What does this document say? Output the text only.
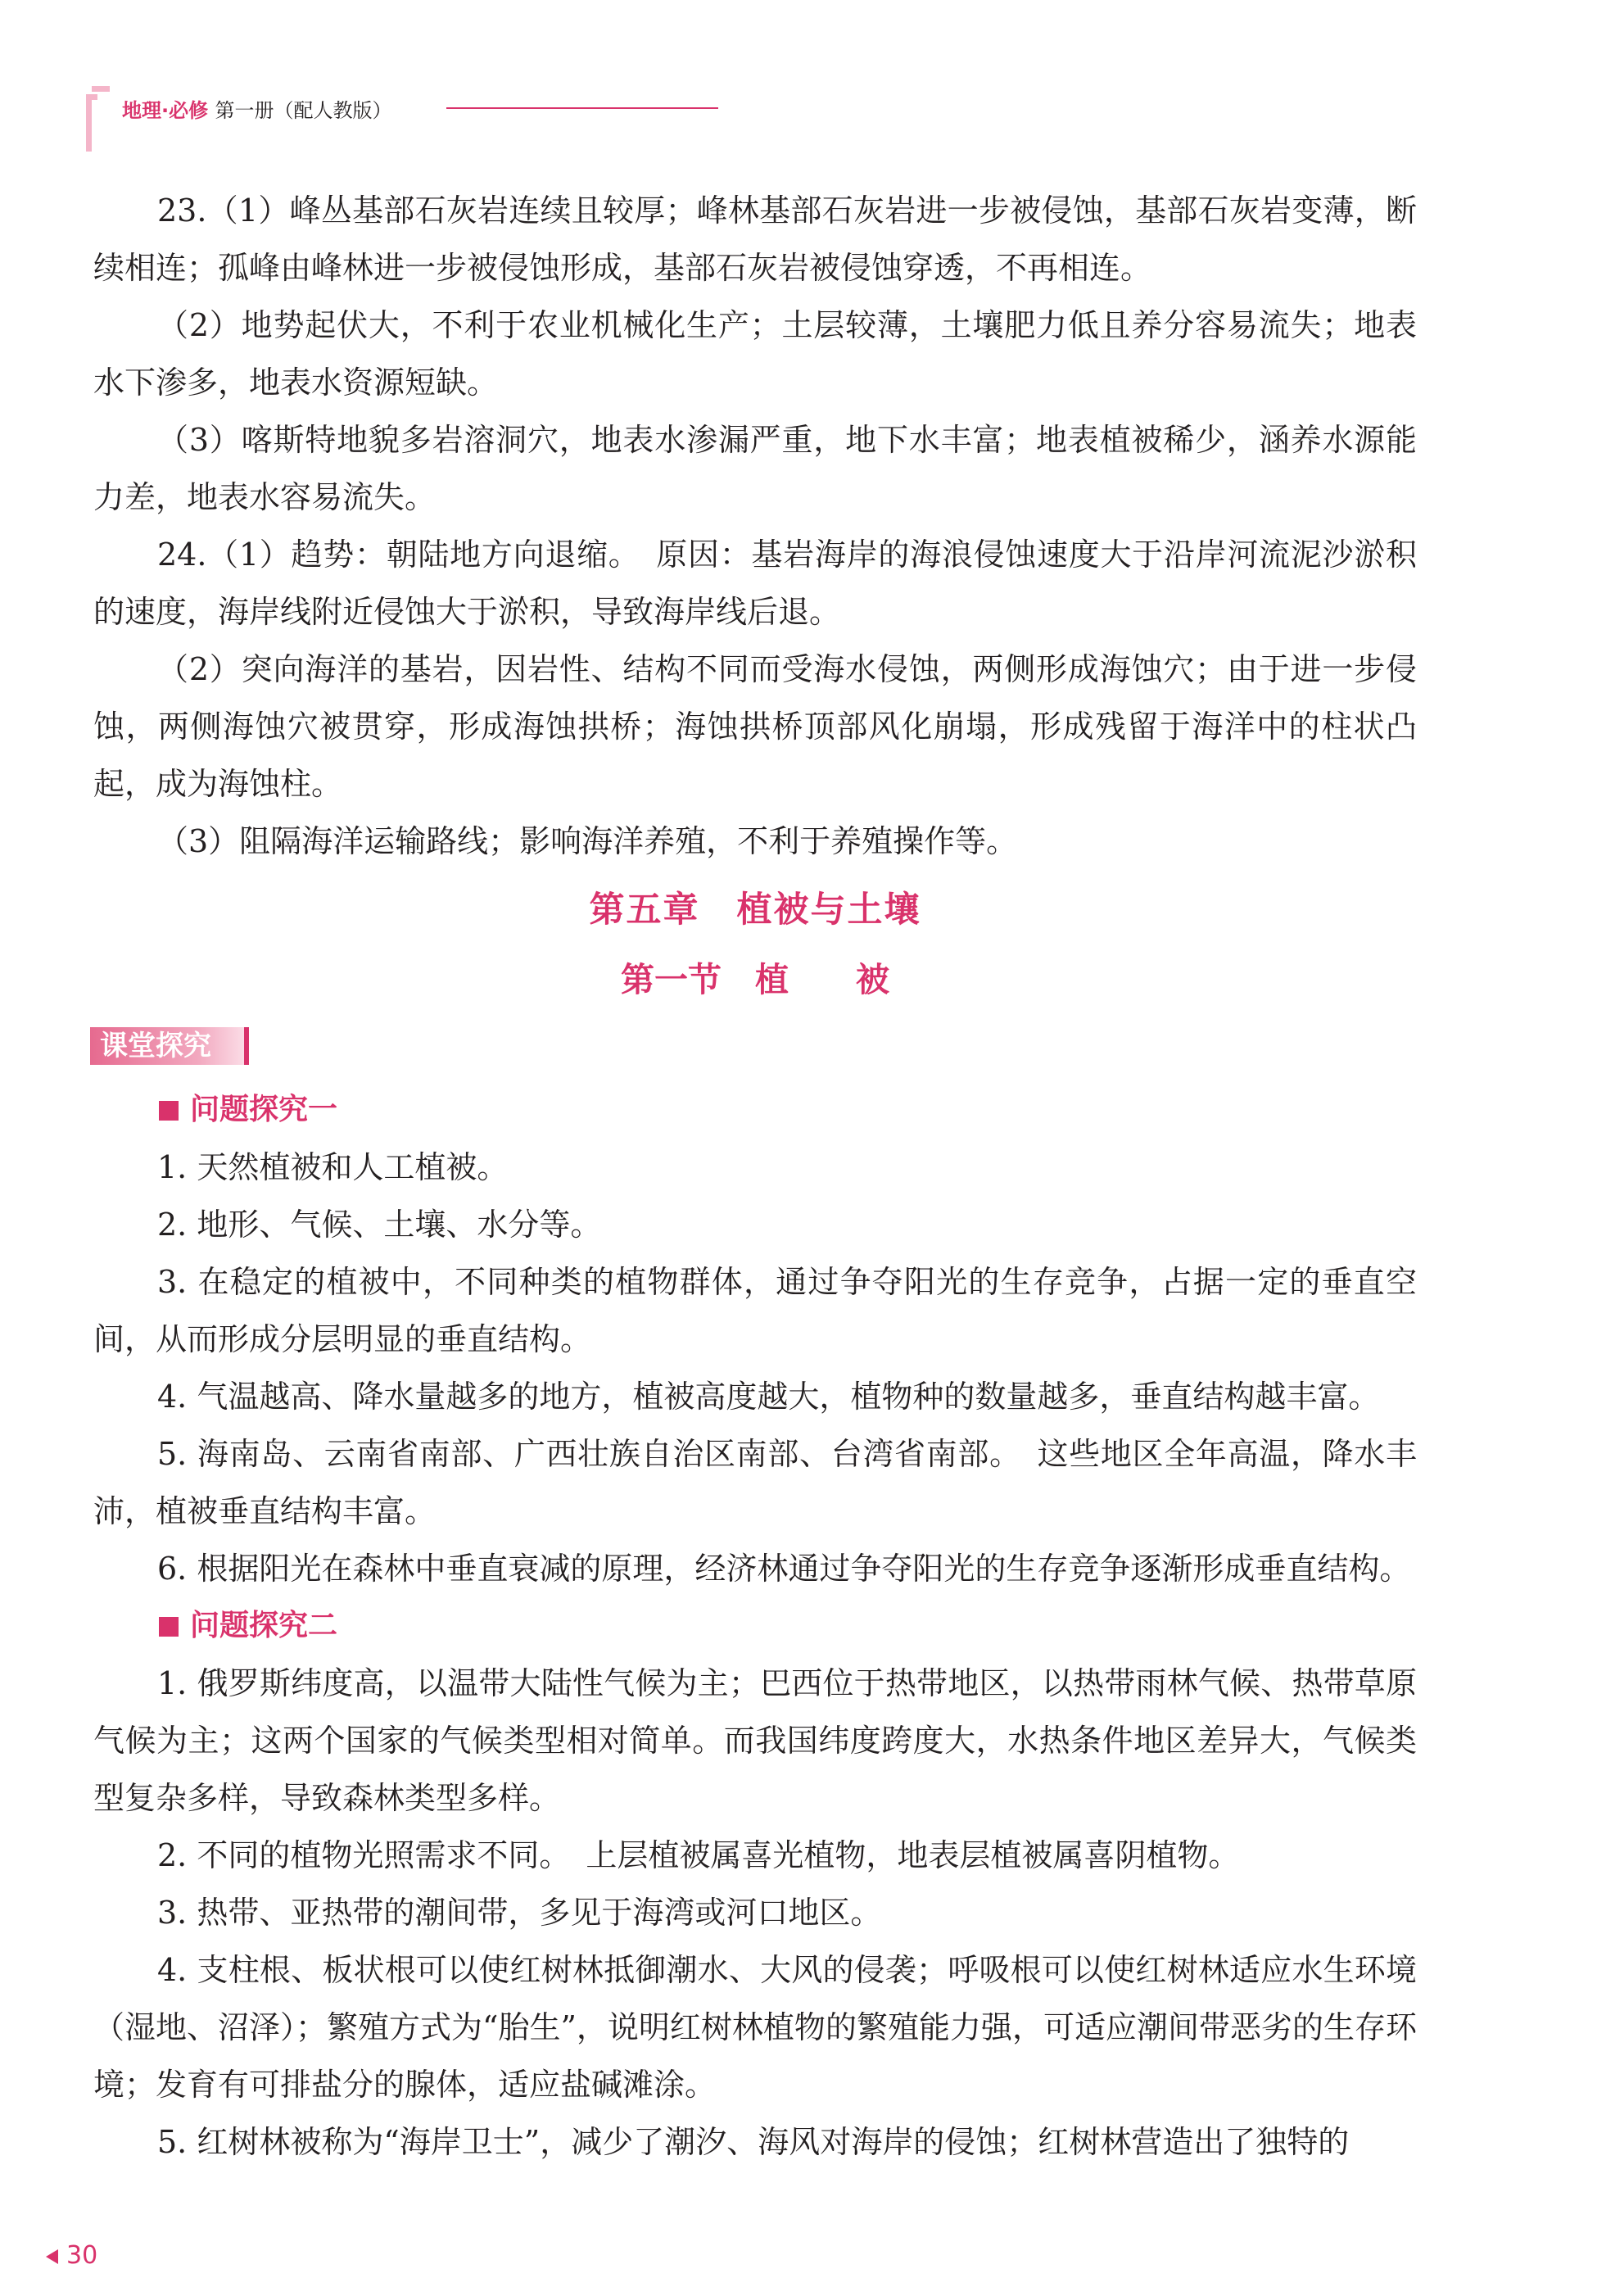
地理·必修 第一册（配人教版）

23.（1）峰丛基部石灰岩连续且较厚；峰林基部石灰岩进一步被侵蚀，基部石灰岩变薄，断续相连；孤峰由峰林进一步被侵蚀形成，基部石灰岩被侵蚀穿透，不再相连。

（2）地势起伏大，不利于农业机械化生产；土层较薄，土壤肥力低且养分容易流失；地表水下渗多，地表水资源短缺。

（3）喀斯特地貌多岩溶洞穴，地表水渗漏严重，地下水丰富；地表植被稀少，涵养水源能力差，地表水容易流失。

24.（1）趋势：朝陆地方向退缩。　原因：基岩海岸的海浪侵蚀速度大于沿岸河流泥沙淤积的速度，海岸线附近侵蚀大于淤积，导致海岸线后退。

（2）突向海洋的基岩，因岩性、结构不同而受海水侵蚀，两侧形成海蚀穴；由于进一步侵蚀，两侧海蚀穴被贯穿，形成海蚀拱桥；海蚀拱桥顶部风化崩塌，形成残留于海洋中的柱状凸起，成为海蚀柱。

（3）阻隔海洋运输路线；影响海洋养殖，不利于养殖操作等。

第五章　植被与土壤
第一节　植　　被
课堂探究
问题探究一

1. 天然植被和人工植被。

2. 地形、气候、土壤、水分等。

3. 在稳定的植被中，不同种类的植物群体，通过争夺阳光的生存竞争，占据一定的垂直空间，从而形成分层明显的垂直结构。

4. 气温越高、降水量越多的地方，植被高度越大，植物种的数量越多，垂直结构越丰富。

5. 海南岛、云南省南部、广西壮族自治区南部、台湾省南部。　这些地区全年高温，降水丰沛，植被垂直结构丰富。

6. 根据阳光在森林中垂直衰减的原理，经济林通过争夺阳光的生存竞争逐渐形成垂直结构。

问题探究二

1. 俄罗斯纬度高，以温带大陆性气候为主；巴西位于热带地区，以热带雨林气候、热带草原气候为主；这两个国家的气候类型相对简单。而我国纬度跨度大，水热条件地区差异大，气候类型复杂多样，导致森林类型多样。

2. 不同的植物光照需求不同。　上层植被属喜光植物，地表层植被属喜阴植物。

3. 热带、亚热带的潮间带，多见于海湾或河口地区。

4. 支柱根、板状根可以使红树林抵御潮水、大风的侵袭；呼吸根可以使红树林适应水生环境（湿地、沼泽）；繁殖方式为“胎生”，说明红树林植物的繁殖能力强，可适应潮间带恶劣的生存环境；发育有可排盐分的腺体，适应盐碱滩涂。

5. 红树林被称为“海岸卫士”，减少了潮汐、海风对海岸的侵蚀；红树林营造出了独特的

30
